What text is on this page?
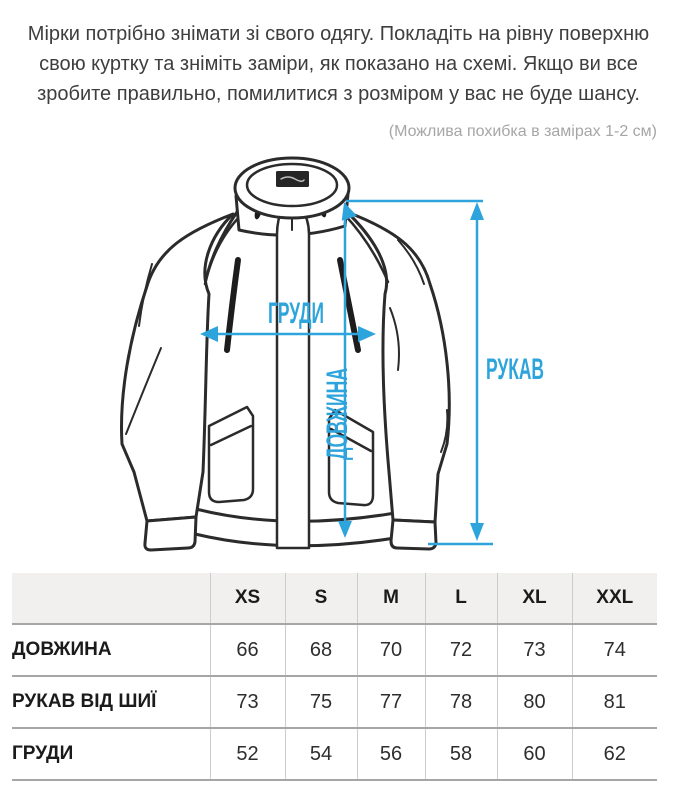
Мірки потрібно знімати зі свого одягу. Покладіть на рівну поверхню
свою куртку та зніміть заміри, як показано на схемі. Якщо ви все
зробите правильно, помилитися з розміром у вас не буде шансу.
(Можлива похибка в замірах 1-2 см)
ГРУДИ
ДОВЖИНА	РУКАВ
	XS	S	M	L	XL	XXL
ДОВЖИНА	66	68	70	72	73	74
РУКАВ ВІД ШИЇ	73	75	77	78	80	81
ГРУДИ	52	54	56	58	60	62
